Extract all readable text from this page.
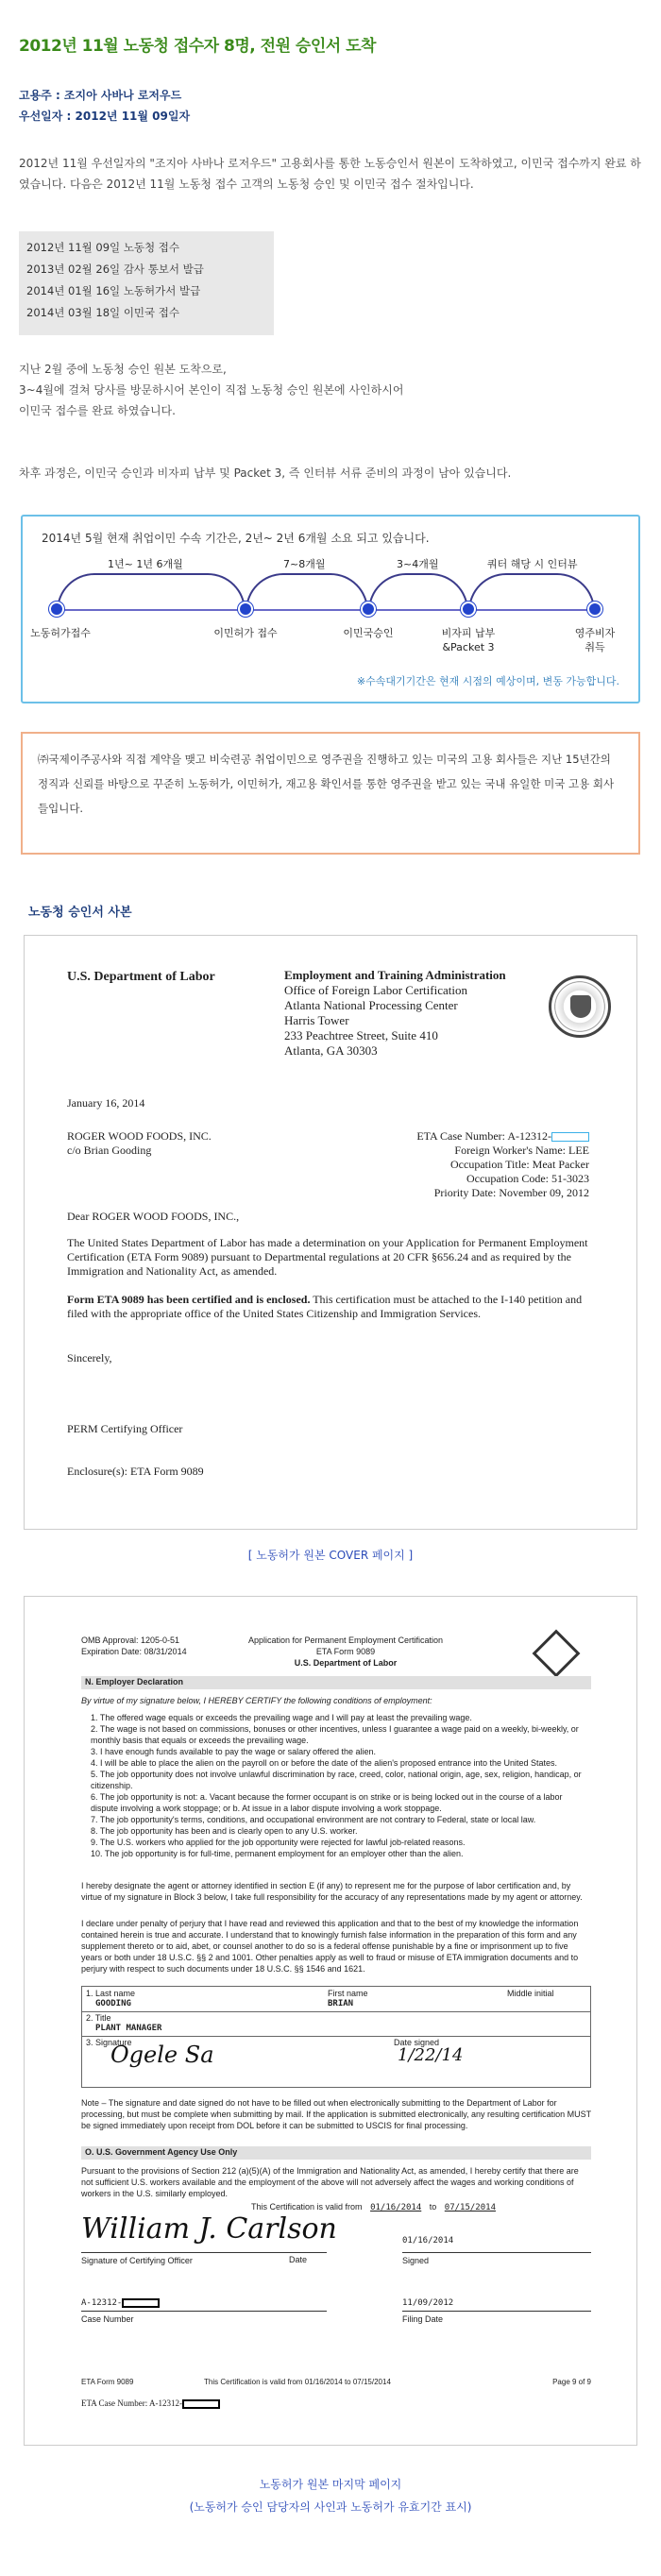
2012년 11월 노동청 접수자 8명, 전원 승인서 도착
고용주 : 조지아 사바나 로저우드
우선일자 : 2012년 11월 09일자
2012년 11월 우선일자의 "조지아 사바나 로저우드" 고용회사를 통한 노동승인서 원본이 도착하였고, 이민국 접수까지 완료 하였습니다. 다음은 2012년 11월 노동청 접수 고객의 노동청 승인 및 이민국 접수 절차입니다.
2012년 11월 09일 노동청 접수
2013년 02월 26일 감사 통보서 발급
2014년 01월 16일 노동허가서 발급
2014년 03월 18일 이민국 접수
지난 2월 중에 노동청 승인 원본 도착으로,
3~4월에 걸쳐 당사를 방문하시어 본인이 직접 노동청 승인 원본에 사인하시어
이민국 접수를 완료 하였습니다.
차후 과정은, 이민국 승인과 비자피 납부 및 Packet 3, 즉 인터뷰 서류 준비의 과정이 남아 있습니다.
2014년 5월 현재 취업이민 수속 기간은, 2년~ 2년 6개월 소요 되고 있습니다.
1년~ 1년 6개월	7~8개월	3~4개월	쿼터 해당 시 인터뷰
노동허가접수	이민허가 접수	이민국승인	비자피 납부
&Packet 3
영주비자
취득
※수속대기기간은 현재 시점의 예상이며, 변동 가능합니다.
㈜국제이주공사와 직접 계약을 맺고 비숙련공 취업이민으로 영주권을 진행하고 있는 미국의 고용 회사들은 지난 15년간의 정직과 신뢰를 바탕으로 꾸준히 노동허가, 이민허가, 재고용 확인서를 통한 영주권을 받고 있는 국내 유일한 미국 고용 회사들입니다.
노동청 승인서 사본
U.S. Department of Labor	Employment and Training Administration
Office of Foreign Labor Certification
Atlanta National Processing Center
Harris Tower
233 Peachtree Street, Suite 410
Atlanta, GA 30303
January 16, 2014
ROGER WOOD FOODS, INC.
c/o Brian Gooding
ETA Case Number: A-12312-
Foreign Worker's Name: LEE
Occupation Title: Meat Packer
Occupation Code: 51-3023
Priority Date: November 09, 2012
Dear ROGER WOOD FOODS, INC.,
The United States Department of Labor has made a determination on your Application for Permanent Employment Certification (ETA Form 9089) pursuant to Departmental regulations at 20 CFR §656.24 and as required by the Immigration and Nationality Act, as amended.
Form ETA 9089 has been certified and is enclosed. This certification must be attached to the I-140 petition and filed with the appropriate office of the United States Citizenship and Immigration Services.
Sincerely,
PERM Certifying Officer
Enclosure(s): ETA Form 9089
[ 노동허가 원본 COVER 페이지 ]
OMB Approval: 1205-0-51
Expiration Date: 08/31/2014
Application for Permanent Employment Certification
ETA Form 9089
U.S. Department of Labor
N. Employer Declaration
By virtue of my signature below, I HEREBY CERTIFY the following conditions of employment:
1. The offered wage equals or exceeds the prevailing wage and I will pay at least the prevailing wage.
2. The wage is not based on commissions, bonuses or other incentives, unless I guarantee a wage paid on a weekly, bi-weekly, or monthly basis that equals or exceeds the prevailing wage.
3. I have enough funds available to pay the wage or salary offered the alien.
4. I will be able to place the alien on the payroll on or before the date of the alien's proposed entrance into the United States.
5. The job opportunity does not involve unlawful discrimination by race, creed, color, national origin, age, sex, religion, handicap, or citizenship.
6. The job opportunity is not: a. Vacant because the former occupant is on strike or is being locked out in the course of a labor dispute involving a work stoppage; or b. At issue in a labor dispute involving a work stoppage.
7. The job opportunity's terms, conditions, and occupational environment are not contrary to Federal, state or local law.
8. The job opportunity has been and is clearly open to any U.S. worker.
9. The U.S. workers who applied for the job opportunity were rejected for lawful job-related reasons.
10. The job opportunity is for full-time, permanent employment for an employer other than the alien.
I hereby designate the agent or attorney identified in section E (if any) to represent me for the purpose of labor certification and, by virtue of my signature in Block 3 below, I take full responsibility for the accuracy of any representations made by my agent or attorney.
I declare under penalty of perjury that I have read and reviewed this application and that to the best of my knowledge the information contained herein is true and accurate. I understand that to knowingly furnish false information in the preparation of this form and any supplement thereto or to aid, abet, or counsel another to do so is a federal offense punishable by a fine or imprisonment up to five years or both under 18 U.S.C. §§ 2 and 1001. Other penalties apply as well to fraud or misuse of ETA immigration documents and to perjury with respect to such documents under 18 U.S.C. §§ 1546 and 1621.
1. Last name	First name	Middle initial
GOODING	BRIAN
2. Title
PLANT MANAGER
3. Signature	Date signed
Ogele Sa	1/22/14
Note – The signature and date signed do not have to be filled out when electronically submitting to the Department of Labor for processing, but must be complete when submitting by mail. If the application is submitted electronically, any resulting certification MUST be signed immediately upon receipt from DOL before it can be submitted to USCIS for final processing.
O. U.S. Government Agency Use Only
Pursuant to the provisions of Section 212 (a)(5)(A) of the Immigration and Nationality Act, as amended, I hereby certify that there are not sufficient U.S. workers available and the employment of the above will not adversely affect the wages and working conditions of workers in the U.S. similarly employed.
This Certification is valid from 01/16/2014 to 07/15/2014
William J. Carlson
Signature of Certifying Officer	Date
01/16/2014
Signed
A-12312-
Case Number
11/09/2012
Filing Date
ETA Form 9089	This Certification is valid from 01/16/2014 to 07/15/2014	Page 9 of 9
ETA Case Number: A-12312-
노동허가 원본 마지막 페이지
(노동허가 승인 담당자의 사인과 노동허가 유효기간 표시)
